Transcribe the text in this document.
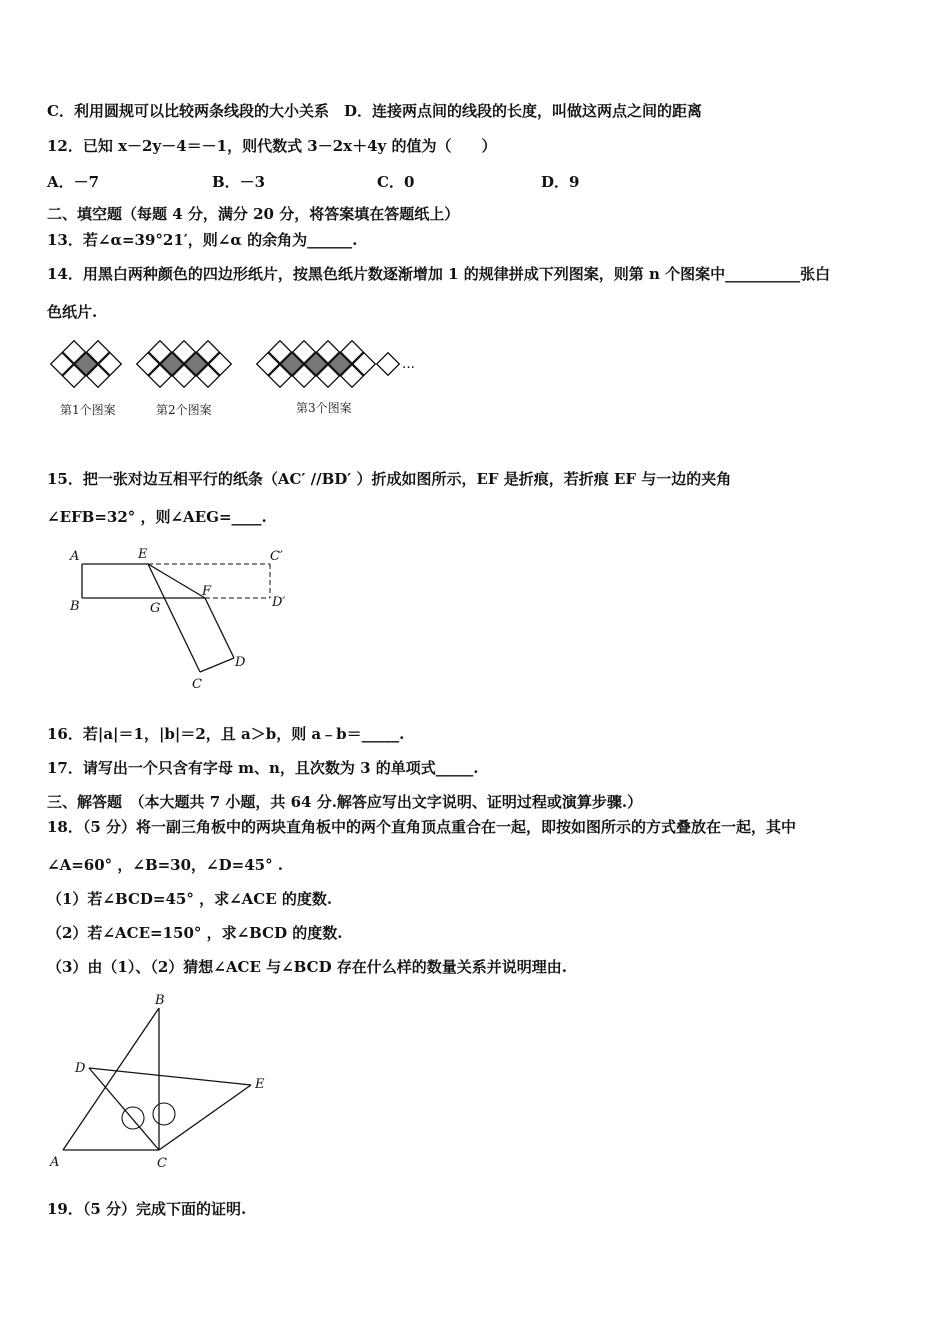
C．利用圆规可以比较两条线段的大小关系　D．连接两点间的线段的长度，叫做这两点之间的距离
12．已知 x－2y－4＝－1，则代数式 3－2x＋4y 的值为（　　）
A．－7	B．－3	C．0	D．9
二、填空题（每题 4 分，满分 20 分，将答案填在答题纸上）
13．若∠α=39°21′，则∠α 的余角为______.
14．用黑白两种颜色的四边形纸片，按黑色纸片数逐渐增加 1 的规律拼成下列图案，则第 n 个图案中__________张白
色纸片.
…
第1个图案	第2个图案	第3个图案
15．把一张对边互相平行的纸条（AC′ //BD′ ）折成如图所示，EF 是折痕，若折痕 EF 与一边的夹角
∠EFB=32° ，则∠AEG=____.
A	E	C′
B	G
F
D′
D
C
16．若|a|＝1，|b|＝2，且 a＞b，则 a﹣b＝_____.
17．请写出一个只含有字母 m、n，且次数为 3 的单项式_____.
三、解答题　（本大题共 7 小题，共 64 分.解答应写出文字说明、证明过程或演算步骤.）
18．（5 分）将一副三角板中的两块直角板中的两个直角顶点重合在一起，即按如图所示的方式叠放在一起，其中
∠A=60° ，∠B=30，∠D=45° .
（1）若∠BCD=45° ，求∠ACE 的度数.
（2）若∠ACE=150° ，求∠BCD 的度数.
（3）由（1）、（2）猜想∠ACE 与∠BCD 存在什么样的数量关系并说明理由.
B
D
E
A	C
19．（5 分）完成下面的证明.
